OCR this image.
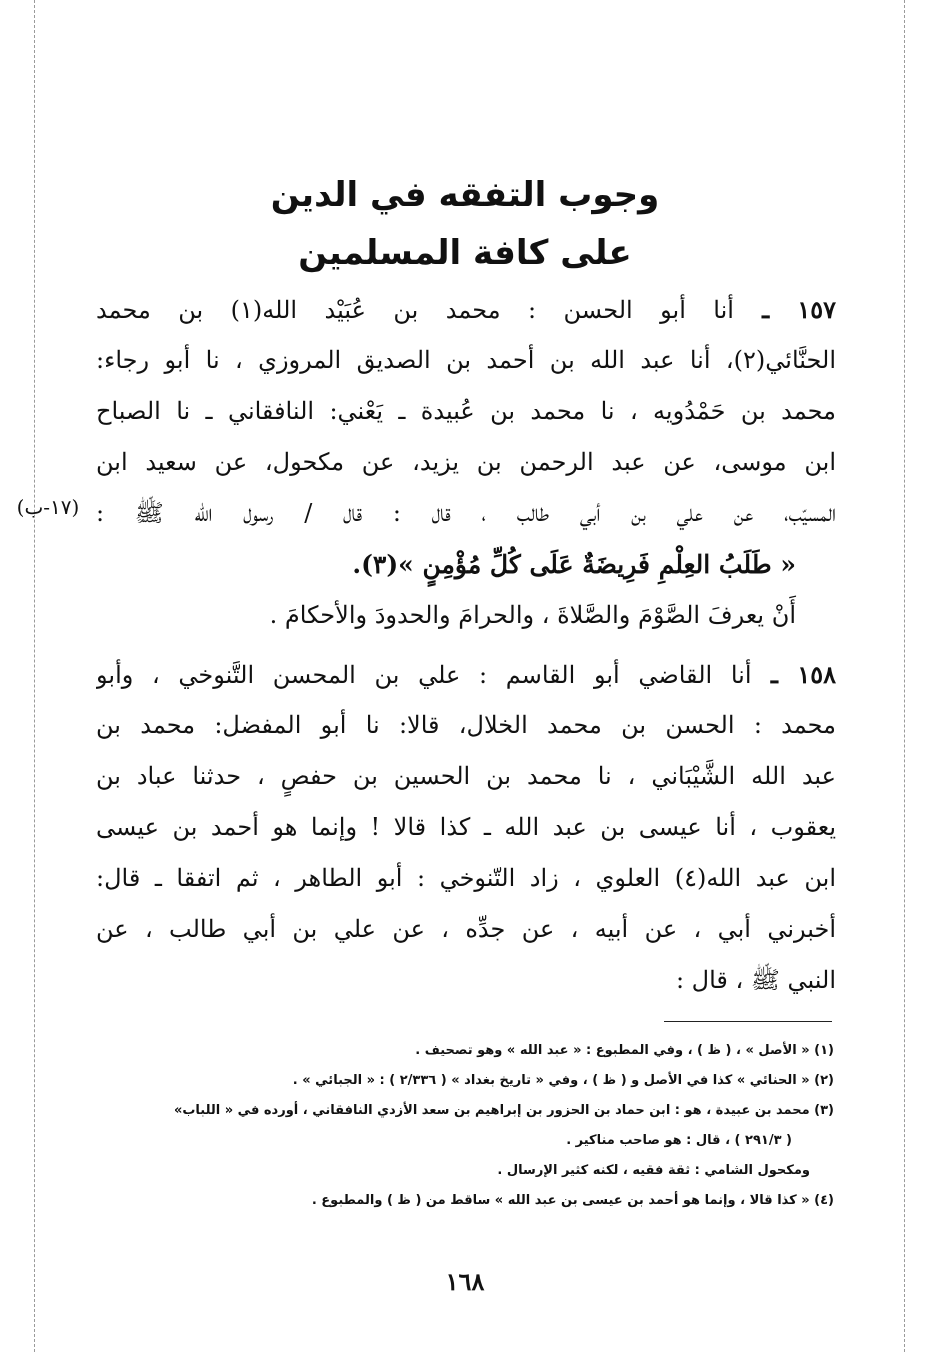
وجوب التفقه في الدين
على كافة المسلمين
(١٧-ب)
١٥٧ ـ أنا أبو الحسن : محمد بن عُبَيْد الله(١) بن محمد
الحنَّائي(٢)، أنا عبد الله بن أحمد بن الصديق المروزي ، نا أبو رجاء:
محمد بن حَمْدُويه ، نا محمد بن عُبيدة ـ يَعْني: النافقاني ـ نا الصباح
ابن موسى، عن عبد الرحمن بن يزيد، عن مكحول، عن سعيد ابن
المسيّب، عن علي بن أبي طالب ، قال : قال / رسول الله ﷺ :
« طَلَبُ العِلْمِ فَرِيضَةٌ عَلَى كُلِّ مُؤْمِنٍ »(٣).
أَنْ يعرفَ الصَّوْمَ والصَّلاةَ ، والحرامَ والحدودَ والأحكامَ .
١٥٨ ـ أنا القاضي أبو القاسم : علي بن المحسن التَّنوخي ، وأبو
محمد : الحسن بن محمد الخلال، قالا: نا أبو المفضل: محمد بن
عبد الله الشَّيْبَاني ، نا محمد بن الحسين بن حفصٍ ، حدثنا عباد بن
يعقوب ، أنا عيسى بن عبد الله ـ كذا قالا ! وإنما هو أحمد بن عيسى
ابن عبد الله(٤) العلوي ، زاد التّنوخي : أبو الطاهر ، ثم اتفقا ـ قال:
أخبرني أبي ، عن أبيه ، عن جدِّه ، عن علي بن أبي طالب ، عن
النبي ﷺ ، قال :
(١) « الأصل » ، ( ظ ) ، وفي المطبوع : « عبد الله » وهو تصحيف .
(٢) « الحنائي » كذا في الأصل و ( ظ ) ، وفي « تاريخ بغداد » ( ٢/٣٣٦ ) : « الجبائي » .
(٣) محمد بن عبيدة ، هو : ابن حماد بن الحزور بن إبراهيم بن سعد الأزدي النافقاني ، أورده في « اللباب»
( ٢٩١/٣ ) ، قال : هو صاحب مناكير .
ومكحول الشامي : ثقة فقيه ، لكنه كثير الإرسال .
(٤) « كذا قالا ، وإنما هو أحمد بن عيسى بن عبد الله » ساقط من ( ظ ) والمطبوع .
١٦٨
